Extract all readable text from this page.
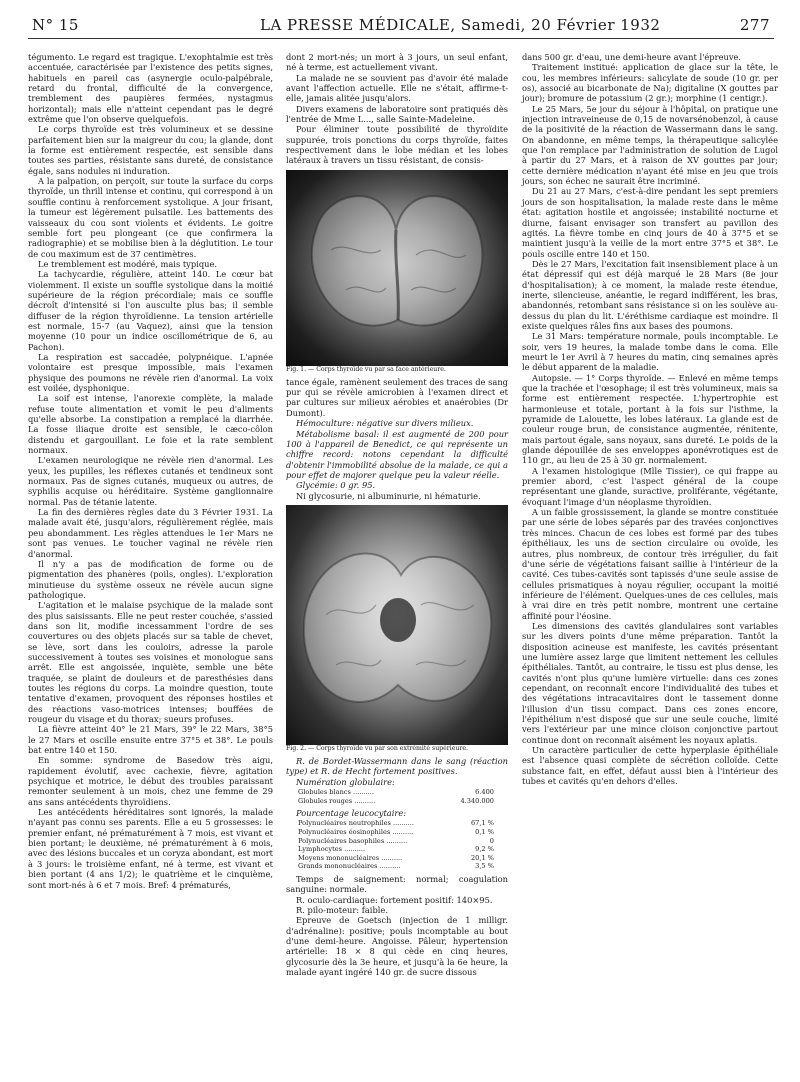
N° 15	LA PRESSE MÉDICALE, Samedi, 20 Février 1932	277

tégumento. Le regard est tragique. L'exophtalmie est très accentuée, caractérisée par l'existence des petits signes, habituels en pareil cas (asynergie oculo-palpébrale, retard du frontal, difficulté de la convergence, tremblement des paupières fermées, nystagmus horizontal); mais elle n'atteint cependant pas le degré extrême que l'on observe quelquefois.

Le corps thyroïde est très volumineux et se dessine parfaitement bien sur la maigreur du cou; la glande, dont la forme est entièrement respectée, est sensible dans toutes ses parties, résistante sans dureté, de consistance égale, sans nodules ni induration.

A la palpation, on perçoit, sur toute la surface du corps thyroïde, un thrill intense et continu, qui correspond à un souffle continu à renforcement systolique. A jour frisant, la tumeur est légèrement pulsatile. Les battements des vaisseaux du cou sont violents et évidents. Le goitre semble fort peu plongeant (ce que confirmera la radiographie) et se mobilise bien à la déglutition. Le tour de cou maximum est de 37 centimètres.

Le tremblement est modéré, mais typique.

La tachycardie, régulière, atteint 140. Le cœur bat violemment. Il existe un souffle systolique dans la moitié supérieure de la région précordiale; mais ce souffle décroît d'intensité si l'on ausculte plus bas; il semble diffuser de la région thyroïdienne. La tension artérielle est normale, 15-7 (au Vaquez), ainsi que la tension moyenne (10 pour un indice oscillométrique de 6, au Pachon).

La respiration est saccadée, polypnéique. L'apnée volontaire est presque impossible, mais l'examen physique des poumons ne révèle rien d'anormal. La voix est voilée, dysphonique.

La soif est intense, l'anorexie complète, la malade refuse toute alimentation et vomit le peu d'aliments qu'elle absorbe. La constipation a remplacé la diarrhée. La fosse iliaque droite est sensible, le cæco-côlon distendu et gargouillant. Le foie et la rate semblent normaux.

L'examen neurologique ne révèle rien d'anormal. Les yeux, les pupilles, les réflexes cutanés et tendineux sont normaux. Pas de signes cutanés, muqueux ou autres, de syphilis acquise ou héréditaire. Système ganglionnaire normal. Pas de tétanie latente.

La fin des dernières règles date du 3 Février 1931. La malade avait été, jusqu'alors, régulièrement réglée, mais peu abondamment. Les règles attendues le 1er Mars ne sont pas venues. Le toucher vaginal ne révèle rien d'anormal.

Il n'y a pas de modification de forme ou de pigmentation des phanères (poils, ongles). L'exploration minutieuse du système osseux ne révèle aucun signe pathologique.

L'agitation et le malaise psychique de la malade sont des plus saisissants. Elle ne peut rester couchée, s'assied dans son lit, modifie incessamment l'ordre de ses couvertures ou des objets placés sur sa table de chevet, se lève, sort dans les couloirs, adresse la parole successivement à toutes ses voisines et monologue sans arrêt. Elle est angoissée, inquiète, semble une bête traquée, se plaint de douleurs et de paresthésies dans toutes les régions du corps. La moindre question, toute tentative d'examen, provoquent des réponses hostiles et des réactions vaso-motrices intenses; bouffées de rougeur du visage et du thorax; sueurs profuses.

La fièvre atteint 40° le 21 Mars, 39° le 22 Mars, 38°5 le 27 Mars et oscille ensuite entre 37°5 et 38°. Le pouls bat entre 140 et 150.

En somme: syndrome de Basedow très aigu, rapidement évolutif, avec cachexie, fièvre, agitation psychique et motrice, le début des troubles paraissant remonter seulement à un mois, chez une femme de 29 ans sans antécédents thyroïdiens.

Les antécédents héréditaires sont ignorés, la malade n'ayant pas connu ses parents. Elle a eu 5 grossesses: le premier enfant, né prématurément à 7 mois, est vivant et bien portant; le deuxième, né prématurément à 6 mois, avec des lésions buccales et un coryza abondant, est mort à 3 jours: le troisième enfant, né à terme, est vivant et bien portant (4 ans 1/2); le quatrième et le cinquième, sont mort-nés à 6 et 7 mois. Bref: 4 prématurés,

dont 2 mort-nés; un mort à 3 jours, un seul enfant, né à terme, est actuellement vivant.

La malade ne se souvient pas d'avoir été malade avant l'affection actuelle. Elle ne s'était, affirme-t-elle, jamais alitée jusqu'alors.

Divers examens de laboratoire sont pratiqués dès l'entrée de Mme L..., salle Sainte-Madeleine.

Pour éliminer toute possibilité de thyroïdite suppurée, trois ponctions du corps thyroïde, faites respectivement dans le lobe médian et les lobes latéraux à travers un tissu résistant, de consis-

Fig. 1. — Corps thyroïde vu par sa face antérieure.

tance égale, ramènent seulement des traces de sang pur qui se révèle amicrobien à l'examen direct et par cultures sur milieux aérobies et anaérobies (Dr Dumont).

Hémoculture: négative sur divers milieux.

Métabolisme basal: il est augmenté de 200 pour 100 à l'appareil de Benedict, ce qui représente un chiffre record: notons cependant la difficulté d'obtenir l'immobilité absolue de la malade, ce qui a pour effet de majorer quelque peu la valeur réelle.

Glycémie: 0 gr. 95.

Ni glycosurie, ni albuminurie, ni hématurie.

Fig. 2. — Corps thyroïde vu par son extrémité supérieure.

R. de Bordet-Wassermann dans le sang (réaction type) et R. de Hecht fortement positives.

Numération globulaire:

Globules blancs ..........	6.400
Globules rouges ..........	4.340.000

Pourcentage leucocytaire:

Polynucléaires neutrophiles ..........	67,1 %
Polynucléaires éosinophiles ..........	0,1 %
Polynucléaires basophiles ..........	0
Lymphocytes ..........	9,2 %
Moyens mononucléaires ..........	20,1 %
Grands mononucléaires ..........	3,5 %

Temps de saignement: normal; coagulation sanguine: normale.

R. oculo-cardiaque: fortement positif: 140×95.

R. pilo-moteur: faible.

Epreuve de Goetsch (injection de 1 milligr. d'adrénaline): positive; pouls incomptable au bout d'une demi-heure. Angoisse. Pâleur, hypertension artérielle: 18 × 8 qui cède en cinq heures, glycosurie dès la 3e heure, et jusqu'à la 6e heure, la malade ayant ingéré 140 gr. de sucre dissous

dans 500 gr. d'eau, une demi-heure avant l'épreuve.

Traitement institué: application de glace sur la tête, le cou, les membres inférieurs: salicylate de soude (10 gr. per os), associé au bicarbonate de Na); digitaline (X gouttes par jour); bromure de potassium (2 gr.); morphine (1 centigr.).

Le 25 Mars, 5e jour du séjour à l'hôpital, on pratique une injection intraveineuse de 0,15 de novarsénobenzol, à cause de la positivité de la réaction de Wassermann dans le sang. On abandonne, en même temps, la thérapeutique salicylée que l'on remplace par l'administration de solution de Lugol à partir du 27 Mars, et à raison de XV gouttes par jour; cette dernière médication n'ayant été mise en jeu que trois jours, son échec ne saurait être incriminé.

Du 21 au 27 Mars, c'est-à-dire pendant les sept premiers jours de son hospitalisation, la malade reste dans le même état: agitation hostile et angoissée; instabilité nocturne et diurne, faisant envisager son transfert au pavillon des agités. La fièvre tombe en cinq jours de 40 à 37°5 et se maintient jusqu'à la veille de la mort entre 37°5 et 38°. Le pouls oscille entre 140 et 150.

Dès le 27 Mars, l'excitation fait insensiblement place à un état dépressif qui est déjà marqué le 28 Mars (8e jour d'hospitalisation); à ce moment, la malade reste étendue, inerte, silencieuse, anéantie, le regard indifférent, les bras, abandonnés, retombant sans résistance si on les soulève au-dessus du plan du lit. L'éréthisme cardiaque est moindre. Il existe quelques râles fins aux bases des poumons.

Le 31 Mars: température normale, pouls incomptable. Le soir, vers 19 heures, la malade tombe dans le coma. Elle meurt le 1er Avril à 7 heures du matin, cinq semaines après le début apparent de la maladie.

Autopsie. — 1° Corps thyroïde. — Enlevé en même temps que la trachée et l'œsophage; il est très volumineux, mais sa forme est entièrement respectée. L'hypertrophie est harmonieuse et totale, portant à la fois sur l'isthme, la pyramide de Lalouette, les lobes latéraux. La glande est de couleur rouge brun, de consistance augmentée, rénitente, mais partout égale, sans noyaux, sans dureté. Le poids de la glande dépouillée de ses enveloppes aponévrotiques est de 110 gr., au lieu de 25 à 30 gr. normalement.

A l'examen histologique (Mlle Tissier), ce qui frappe au premier abord, c'est l'aspect général de la coupe représentant une glande, suractive, proliférante, végétante, évoquant l'image d'un néoplasme thyroïdien.

A un faible grossissement, la glande se montre constituée par une série de lobes séparés par des travées conjonctives très minces. Chacun de ces lobes est formé par des tubes épithéliaux, les uns de section circulaire ou ovoïde, les autres, plus nombreux, de contour très irrégulier, du fait d'une série de végétations faisant saillie à l'intérieur de la cavité. Ces tubes-cavités sont tapissés d'une seule assise de cellules prismatiques à noyau régulier, occupant la moitié inférieure de l'élément. Quelques-unes de ces cellules, mais à vrai dire en très petit nombre, montrent une certaine affinité pour l'éosine.

Les dimensions des cavités glandulaires sont variables sur les divers points d'une même préparation. Tantôt la disposition acineuse est manifeste, les cavités présentant une lumière assez large que limitent nettement les cellules épithéliales. Tantôt, au contraire, le tissu est plus dense, les cavités n'ont plus qu'une lumière virtuelle: dans ces zones cependant, on reconnaît encore l'individualité des tubes et des végétations intracavitaires dont le tassement donne l'illusion d'un tissu compact. Dans ces zones encore, l'épithélium n'est disposé que sur une seule couche, limité vers l'extérieur par une mince cloison conjonctive partout continue dont on reconnaît aisément les noyaux aplatis.

Un caractère particulier de cette hyperplasie épithéliale est l'absence quasi complète de sécrétion colloïde. Cette substance fait, en effet, défaut aussi bien à l'intérieur des tubes et cavités qu'en dehors d'elles.
